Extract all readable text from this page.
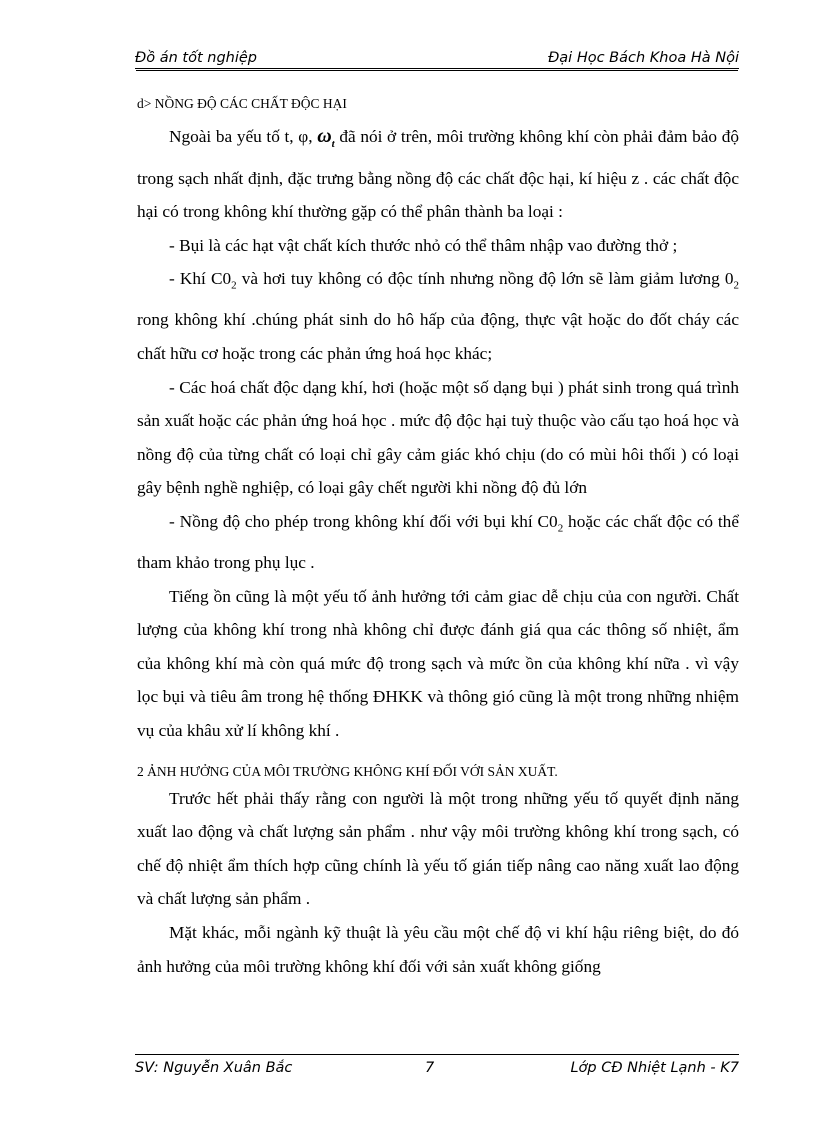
Đồ án tốt nghiệp	Đại Học Bách Khoa Hà Nội

d> NỒNG ĐỘ CÁC CHẤT ĐỘC HẠI

Ngoài ba yếu tố t, φ, $\omega_t$ đã nói ở trên, môi trường không khí còn phải đảm bảo độ trong sạch nhất định, đặc trưng bằng nồng độ các chất độc hại, kí hiệu z . các chất độc hại có trong không khí thường gặp có thể phân thành ba loại :

- Bụi là các hạt vật chất kích thước nhỏ có thể thâm nhập vao đường thở ;

- Khí $C0_2$ và hơi tuy không có độc tính nhưng nồng độ lớn sẽ làm giảm lương $0_2$ rong không khí .chúng phát sinh do hô hấp của động, thực vật hoặc do đốt cháy các chất hữu cơ hoặc trong các phản ứng hoá học khác;

- Các hoá chất độc dạng khí, hơi (hoặc một số dạng bụi ) phát sinh trong quá trình sản xuất hoặc các phản ứng hoá học . mức độ độc hại tuỳ thuộc vào cấu tạo hoá học và nồng độ của từng chất có loại chỉ gây cảm giác khó chịu (do có mùi hôi thối ) có loại gây bệnh nghề nghiệp, có loại gây chết người khi nồng độ đủ lớn

- Nồng độ cho phép trong không khí đối với bụi khí $C0_2$ hoặc các chất độc có thể tham khảo trong phụ lục .

Tiếng ồn cũng là một yếu tố ảnh hưởng tới cảm giac dễ chịu của con người. Chất lượng của không khí trong nhà không chỉ được đánh giá qua các thông số nhiệt, ẩm của không khí mà còn quá mức độ trong sạch và mức ồn của không khí nữa . vì vậy lọc bụi và tiêu âm trong hệ thống ĐHKK và thông gió cũng là một trong những nhiệm vụ của khâu xử lí không khí .

2 ẢNH HƯỞNG CỦA MÔI TRƯỜNG KHÔNG KHÍ ĐỐI VỚI SẢN XUẤT.

Trước hết phải thấy rằng con người là một trong những yếu tố quyết định năng xuất lao động và chất lượng sản phẩm . như vậy môi trường không khí trong sạch, có chế độ nhiệt ẩm thích hợp cũng chính là yếu tố gián tiếp nâng cao năng xuất lao động và chất lượng sản phẩm .

Mặt khác, mỗi ngành kỹ thuật là yêu cầu một chế độ vi khí hậu riêng biệt, do đó ảnh hưởng của môi trường không khí đối với sản xuất không giống

SV: Nguyễn Xuân Bắc	7	Lớp CĐ Nhiệt Lạnh - K7
